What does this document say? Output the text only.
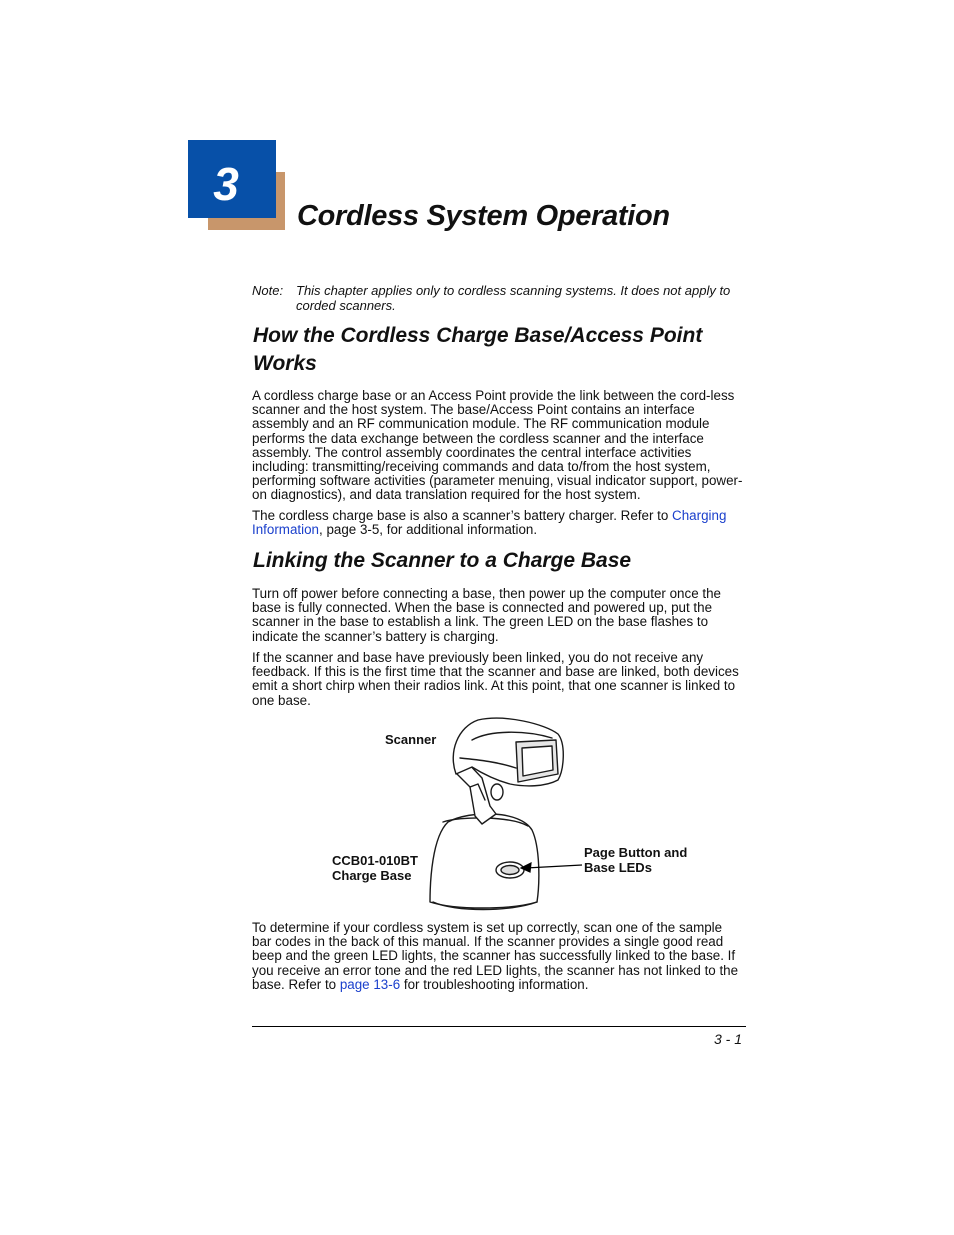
3
Cordless System Operation
Note: This chapter applies only to cordless scanning systems. It does not apply to corded scanners.
How the Cordless Charge Base/Access Point
Works

A cordless charge base or an Access Point provide the link between the cord-less scanner and the host system. The base/Access Point contains an interface assembly and an RF communication module. The RF communication module performs the data exchange between the cordless scanner and the interface assembly. The control assembly coordinates the central interface activities including: transmitting/receiving commands and data to/from the host system, performing software activities (parameter menuing, visual indicator support, power-on diagnostics), and data translation required for the host system.

The cordless charge base is also a scanner’s battery charger. Refer to Charging Information, page 3-5, for additional information.

Linking the Scanner to a Charge Base

Turn off power before connecting a base, then power up the computer once the base is fully connected. When the base is connected and powered up, put the scanner in the base to establish a link. The green LED on the base flashes to indicate the scanner’s battery is charging.

If the scanner and base have previously been linked, you do not receive any feedback. If this is the first time that the scanner and base are linked, both devices emit a short chirp when their radios link. At this point, that one scanner is linked to one base.

Scanner
CCB01-010BT
Charge Base
Page Button and
Base LEDs

To determine if your cordless system is set up correctly, scan one of the sample bar codes in the back of this manual. If the scanner provides a single good read beep and the green LED lights, the scanner has successfully linked to the base. If you receive an error tone and the red LED lights, the scanner has not linked to the base. Refer to page 13-6 for troubleshooting information.

3 - 1
